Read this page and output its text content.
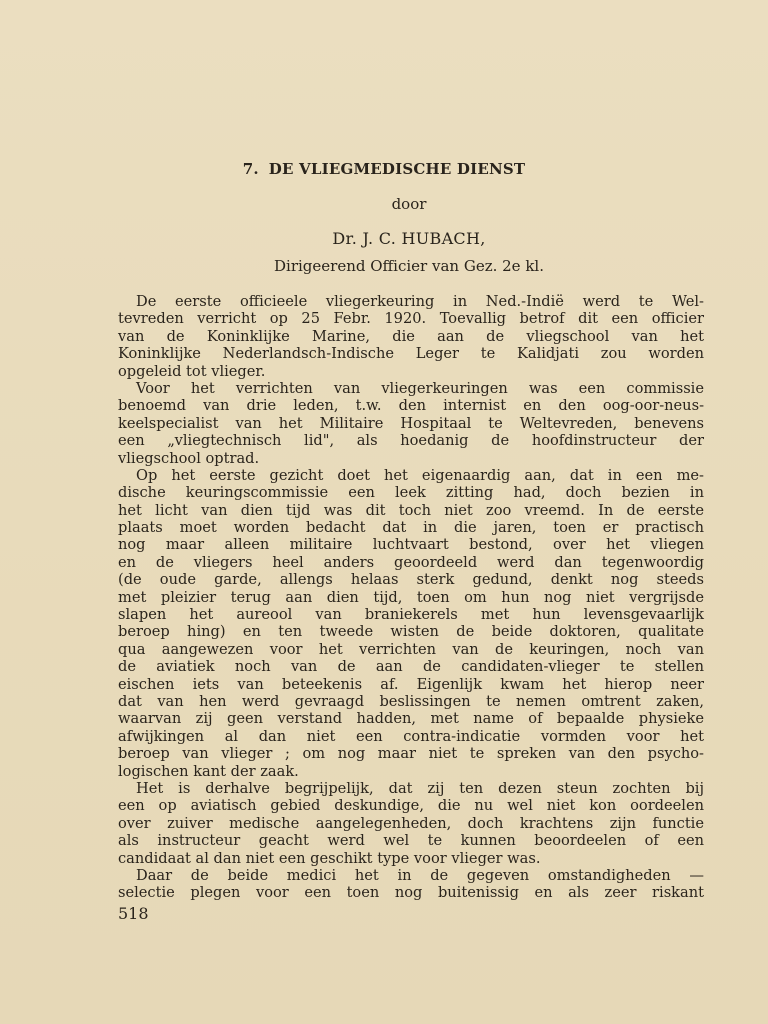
7. DE VLIEGMEDISCHE DIENST
door
Dr. J. C. HUBACH,
Dirigeerend Officier van Gez. 2e kl.
De eerste officieele vliegerkeuring in Ned.-Indië werd te Wel-
tevreden verricht op 25 Febr. 1920. Toevallig betrof dit een officier
van de Koninklijke Marine, die aan de vliegschool van het
Koninklijke Nederlandsch-Indische Leger te Kalidjati zou worden
opgeleid tot vlieger.
Voor het verrichten van vliegerkeuringen was een commissie
benoemd van drie leden, t.w. den internist en den oog-oor-neus-
keelspecialist van het Militaire Hospitaal te Weltevreden, benevens
een „vliegtechnisch lid", als hoedanig de hoofdinstructeur der
vliegschool optrad.
Op het eerste gezicht doet het eigenaardig aan, dat in een me-
dische keuringscommissie een leek zitting had, doch bezien in
het licht van dien tijd was dit toch niet zoo vreemd. In de eerste
plaats moet worden bedacht dat in die jaren, toen er practisch
nog maar alleen militaire luchtvaart bestond, over het vliegen
en de vliegers heel anders geoordeeld werd dan tegenwoordig
(de oude garde, allengs helaas sterk gedund, denkt nog steeds
met pleizier terug aan dien tijd, toen om hun nog niet vergrijsde
slapen het aureool van braniekerels met hun levensgevaarlijk
beroep hing) en ten tweede wisten de beide doktoren, qualitate
qua aangewezen voor het verrichten van de keuringen, noch van
de aviatiek noch van de aan de candidaten-vlieger te stellen
eischen iets van beteekenis af. Eigenlijk kwam het hierop neer
dat van hen werd gevraagd beslissingen te nemen omtrent zaken,
waarvan zij geen verstand hadden, met name of bepaalde physieke
afwijkingen al dan niet een contra-indicatie vormden voor het
beroep van vlieger ; om nog maar niet te spreken van den psycho-
logischen kant der zaak.
Het is derhalve begrijpelijk, dat zij ten dezen steun zochten bij
een op aviatisch gebied deskundige, die nu wel niet kon oordeelen
over zuiver medische aangelegenheden, doch krachtens zijn functie
als instructeur geacht werd wel te kunnen beoordeelen of een
candidaat al dan niet een geschikt type voor vlieger was.
Daar de beide medici het in de gegeven omstandigheden —
selectie plegen voor een toen nog buitenissig en als zeer riskant
518
